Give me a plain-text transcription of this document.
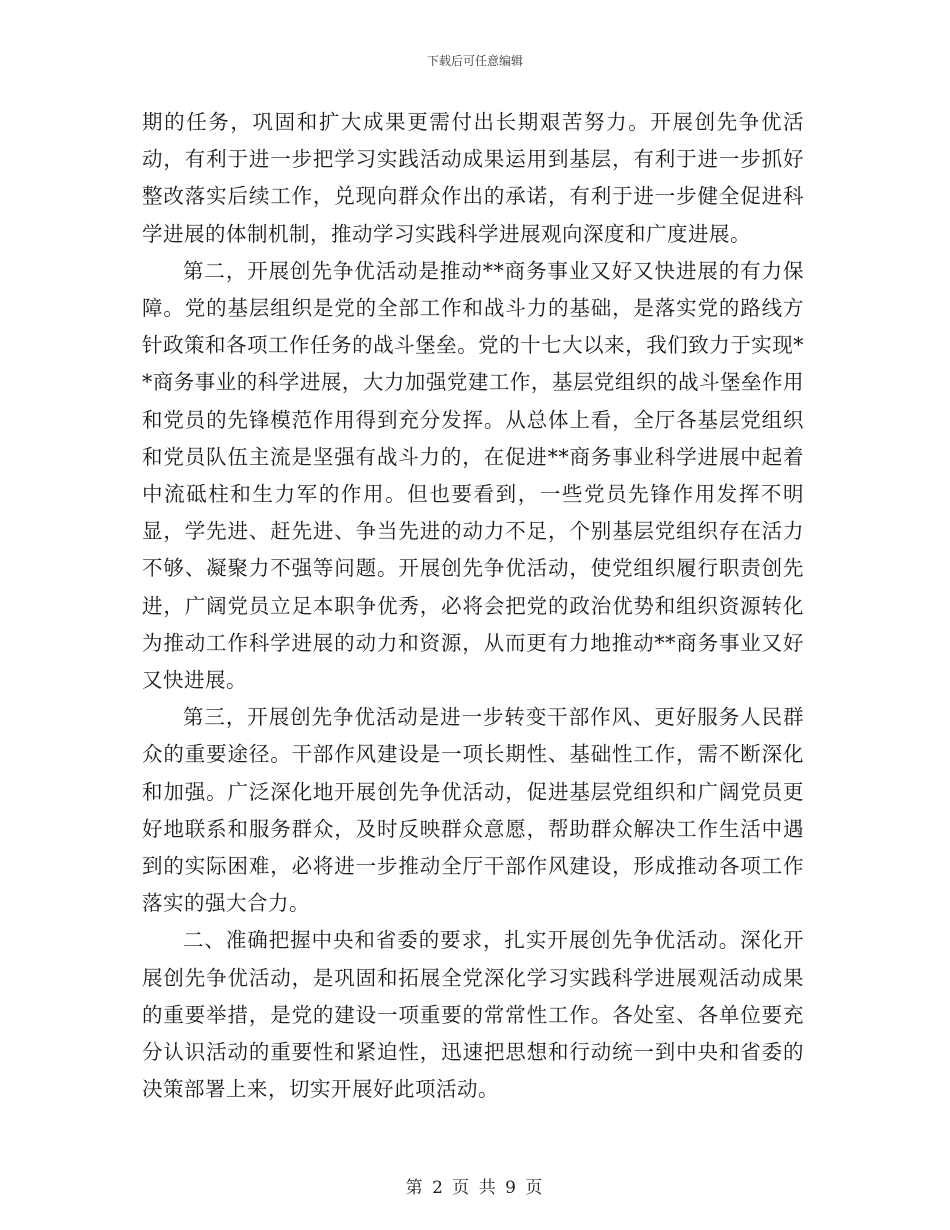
下载后可任意编辑

期的任务，巩固和扩大成果更需付出长期艰苦努力。开展创先争优活动，有利于进一步把学习实践活动成果运用到基层，有利于进一步抓好整改落实后续工作，兑现向群众作出的承诺，有利于进一步健全促进科学进展的体制机制，推动学习实践科学进展观向深度和广度进展。

第二，开展创先争优活动是推动**商务事业又好又快进展的有力保障。党的基层组织是党的全部工作和战斗力的基础，是落实党的路线方针政策和各项工作任务的战斗堡垒。党的十七大以来，我们致力于实现**商务事业的科学进展，大力加强党建工作，基层党组织的战斗堡垒作用和党员的先锋模范作用得到充分发挥。从总体上看，全厅各基层党组织和党员队伍主流是坚强有战斗力的，在促进**商务事业科学进展中起着中流砥柱和生力军的作用。但也要看到，一些党员先锋作用发挥不明显，学先进、赶先进、争当先进的动力不足，个别基层党组织存在活力不够、凝聚力不强等问题。开展创先争优活动，使党组织履行职责创先进，广阔党员立足本职争优秀，必将会把党的政治优势和组织资源转化为推动工作科学进展的动力和资源，从而更有力地推动**商务事业又好又快进展。

第三，开展创先争优活动是进一步转变干部作风、更好服务人民群众的重要途径。干部作风建设是一项长期性、基础性工作，需不断深化和加强。广泛深化地开展创先争优活动，促进基层党组织和广阔党员更好地联系和服务群众，及时反映群众意愿，帮助群众解决工作生活中遇到的实际困难，必将进一步推动全厅干部作风建设，形成推动各项工作落实的强大合力。

二、准确把握中央和省委的要求，扎实开展创先争优活动。深化开展创先争优活动，是巩固和拓展全党深化学习实践科学进展观活动成果的重要举措，是党的建设一项重要的常常性工作。各处室、各单位要充分认识活动的重要性和紧迫性，迅速把思想和行动统一到中央和省委的决策部署上来，切实开展好此项活动。

第 2 页 共 9 页
